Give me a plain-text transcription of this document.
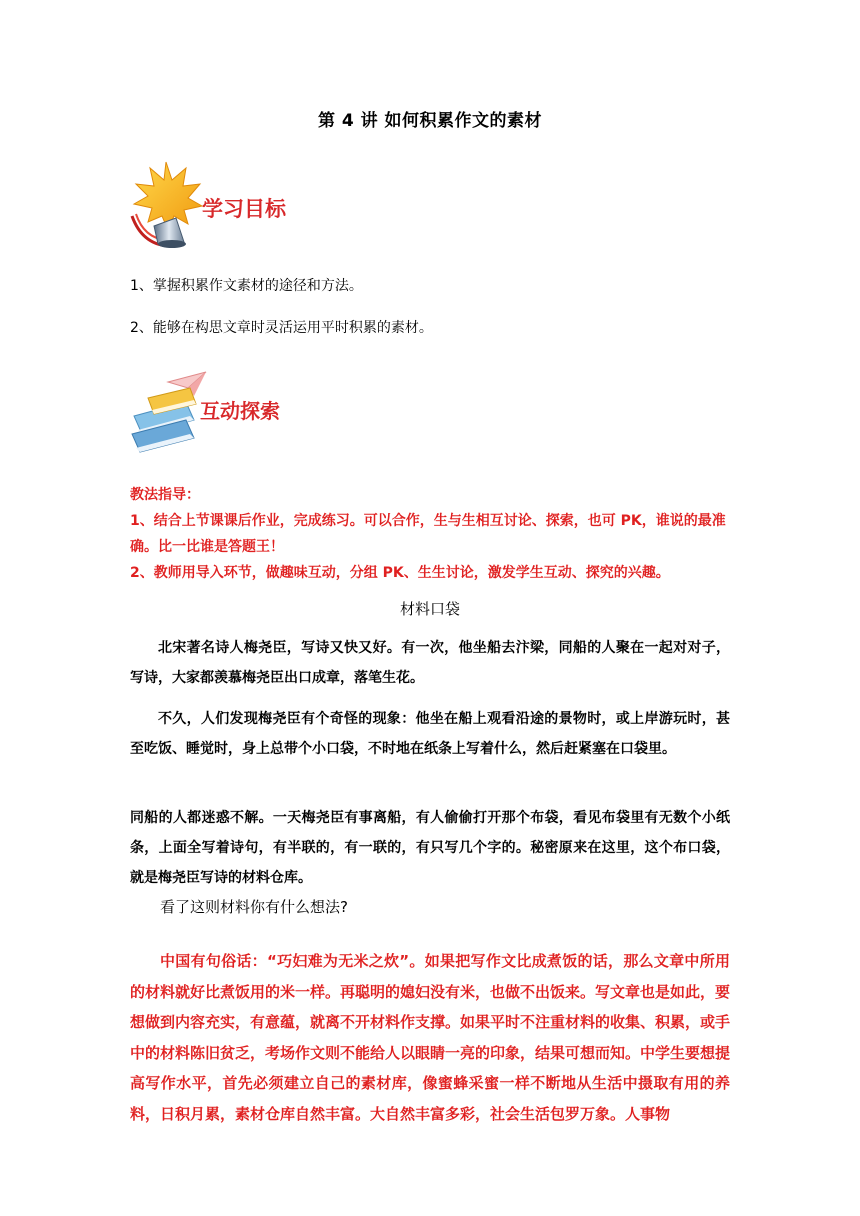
第 4 讲 如何积累作文的素材
学习目标
1、掌握积累作文素材的途径和方法。
2、能够在构思文章时灵活运用平时积累的素材。
互动探索
教法指导：
1、结合上节课课后作业，完成练习。可以合作，生与生相互讨论、探索，也可 PK，谁说的最准确。比一比谁是答题王！
2、教师用导入环节，做趣味互动，分组 PK、生生讨论，激发学生互动、探究的兴趣。
材料口袋
北宋著名诗人梅尧臣，写诗又快又好。有一次，他坐船去汴梁，同船的人聚在一起对对子，写诗，大家都羡慕梅尧臣出口成章，落笔生花。
不久，人们发现梅尧臣有个奇怪的现象：他坐在船上观看沿途的景物时，或上岸游玩时，甚至吃饭、睡觉时，身上总带个小口袋，不时地在纸条上写着什么，然后赶紧塞在口袋里。
同船的人都迷惑不解。一天梅尧臣有事离船，有人偷偷打开那个布袋，看见布袋里有无数个小纸条，上面全写着诗句，有半联的，有一联的，有只写几个字的。秘密原来在这里，这个布口袋，就是梅尧臣写诗的材料仓库。
看了这则材料你有什么想法?
中国有句俗话：“巧妇难为无米之炊”。如果把写作文比成煮饭的话，那么文章中所用的材料就好比煮饭用的米一样。再聪明的媳妇没有米，也做不出饭来。写文章也是如此，要想做到内容充实，有意蕴，就离不开材料作支撑。如果平时不注重材料的收集、积累，或手中的材料陈旧贫乏，考场作文则不能给人以眼睛一亮的印象，结果可想而知。中学生要想提高写作水平，首先必须建立自己的素材库，像蜜蜂采蜜一样不断地从生活中摄取有用的养料，日积月累，素材仓库自然丰富。大自然丰富多彩，社会生活包罗万象。人事物
